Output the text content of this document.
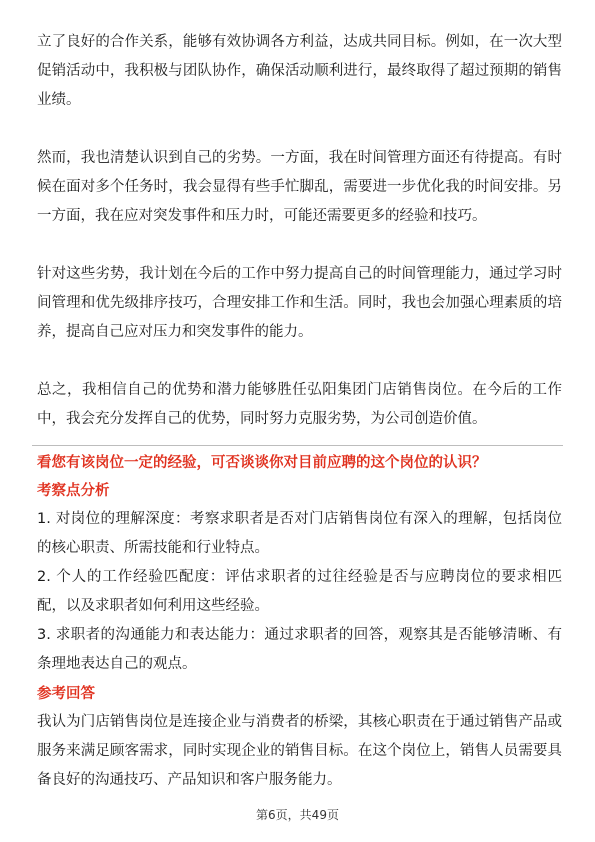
立了良好的合作关系，能够有效协调各方利益，达成共同目标。例如，在一次大型促销活动中，我积极与团队协作，确保活动顺利进行，最终取得了超过预期的销售业绩。

然而，我也清楚认识到自己的劣势。一方面，我在时间管理方面还有待提高。有时候在面对多个任务时，我会显得有些手忙脚乱，需要进一步优化我的时间安排。另一方面，我在应对突发事件和压力时，可能还需要更多的经验和技巧。

针对这些劣势，我计划在今后的工作中努力提高自己的时间管理能力，通过学习时间管理和优先级排序技巧，合理安排工作和生活。同时，我也会加强心理素质的培养，提高自己应对压力和突发事件的能力。

总之，我相信自己的优势和潜力能够胜任弘阳集团门店销售岗位。在今后的工作中，我会充分发挥自己的优势，同时努力克服劣势，为公司创造价值。

看您有该岗位一定的经验，可否谈谈你对目前应聘的这个岗位的认识？

考察点分析

1. 对岗位的理解深度：考察求职者是否对门店销售岗位有深入的理解，包括岗位的核心职责、所需技能和行业特点。

2. 个人的工作经验匹配度：评估求职者的过往经验是否与应聘岗位的要求相匹配，以及求职者如何利用这些经验。

3. 求职者的沟通能力和表达能力：通过求职者的回答，观察其是否能够清晰、有条理地表达自己的观点。

参考回答

我认为门店销售岗位是连接企业与消费者的桥梁，其核心职责在于通过销售产品或服务来满足顾客需求，同时实现企业的销售目标。在这个岗位上，销售人员需要具备良好的沟通技巧、产品知识和客户服务能力。

第6页，共49页
